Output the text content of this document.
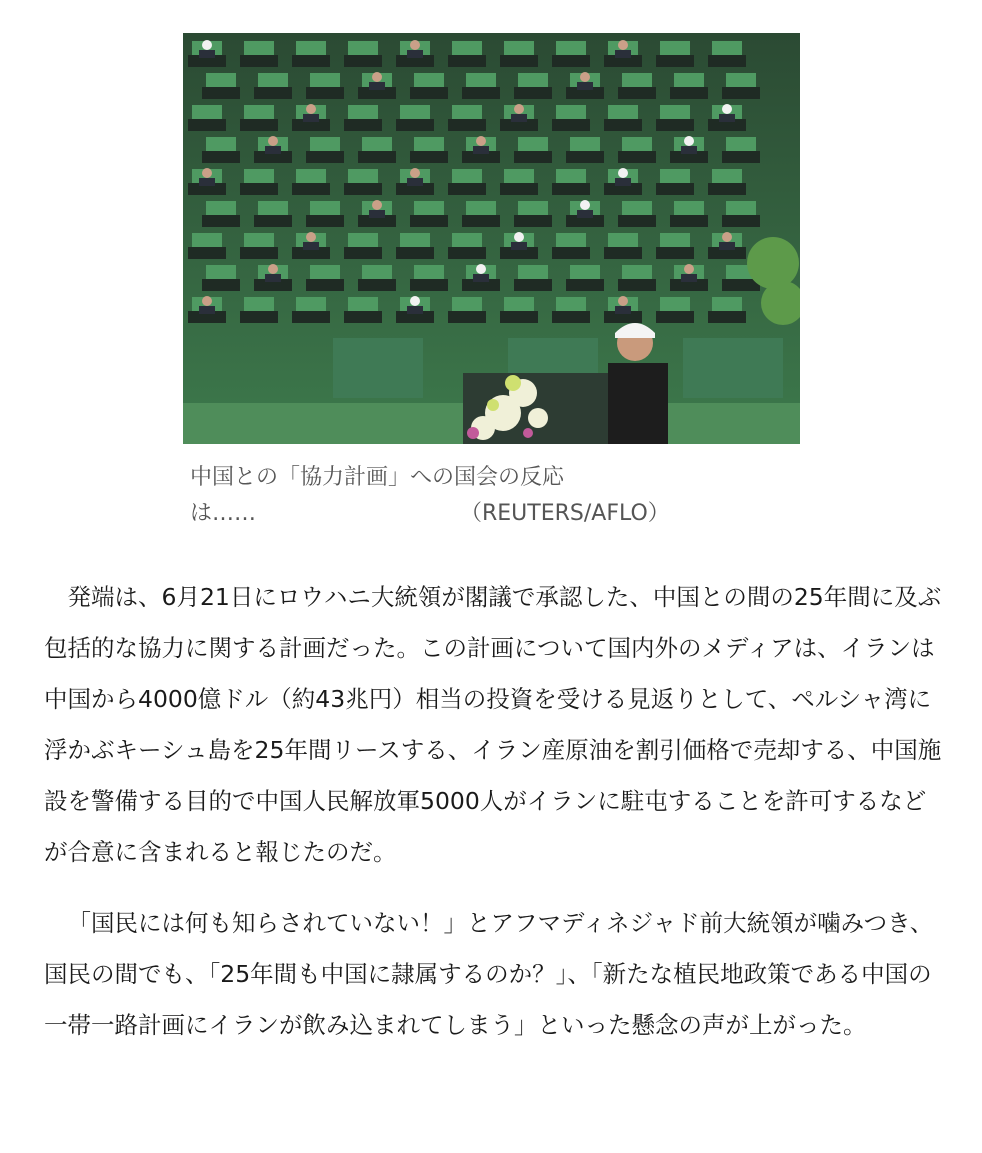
中国との「協力計画」への国会の反応
は……	（REUTERS/AFLO）

発端は、6月21日にロウハニ大統領が閣議で承認した、中国との間の25年間に及ぶ包括的な協力に関する計画だった。この計画について国内外のメディアは、イランは中国から4000億ドル（約43兆円）相当の投資を受ける見返りとして、ペルシャ湾に浮かぶキーシュ島を25年間リースする、イラン産原油を割引価格で売却する、中国施設を警備する目的で中国人民解放軍5000人がイランに駐屯することを許可するなどが合意に含まれると報じたのだ。

「国民には何も知らされていない！」とアフマディネジャド前大統領が噛みつき、国民の間でも、「25年間も中国に隷属するのか？」、「新たな植民地政策である中国の一帯一路計画にイランが飲み込まれてしまう」といった懸念の声が上がった。
